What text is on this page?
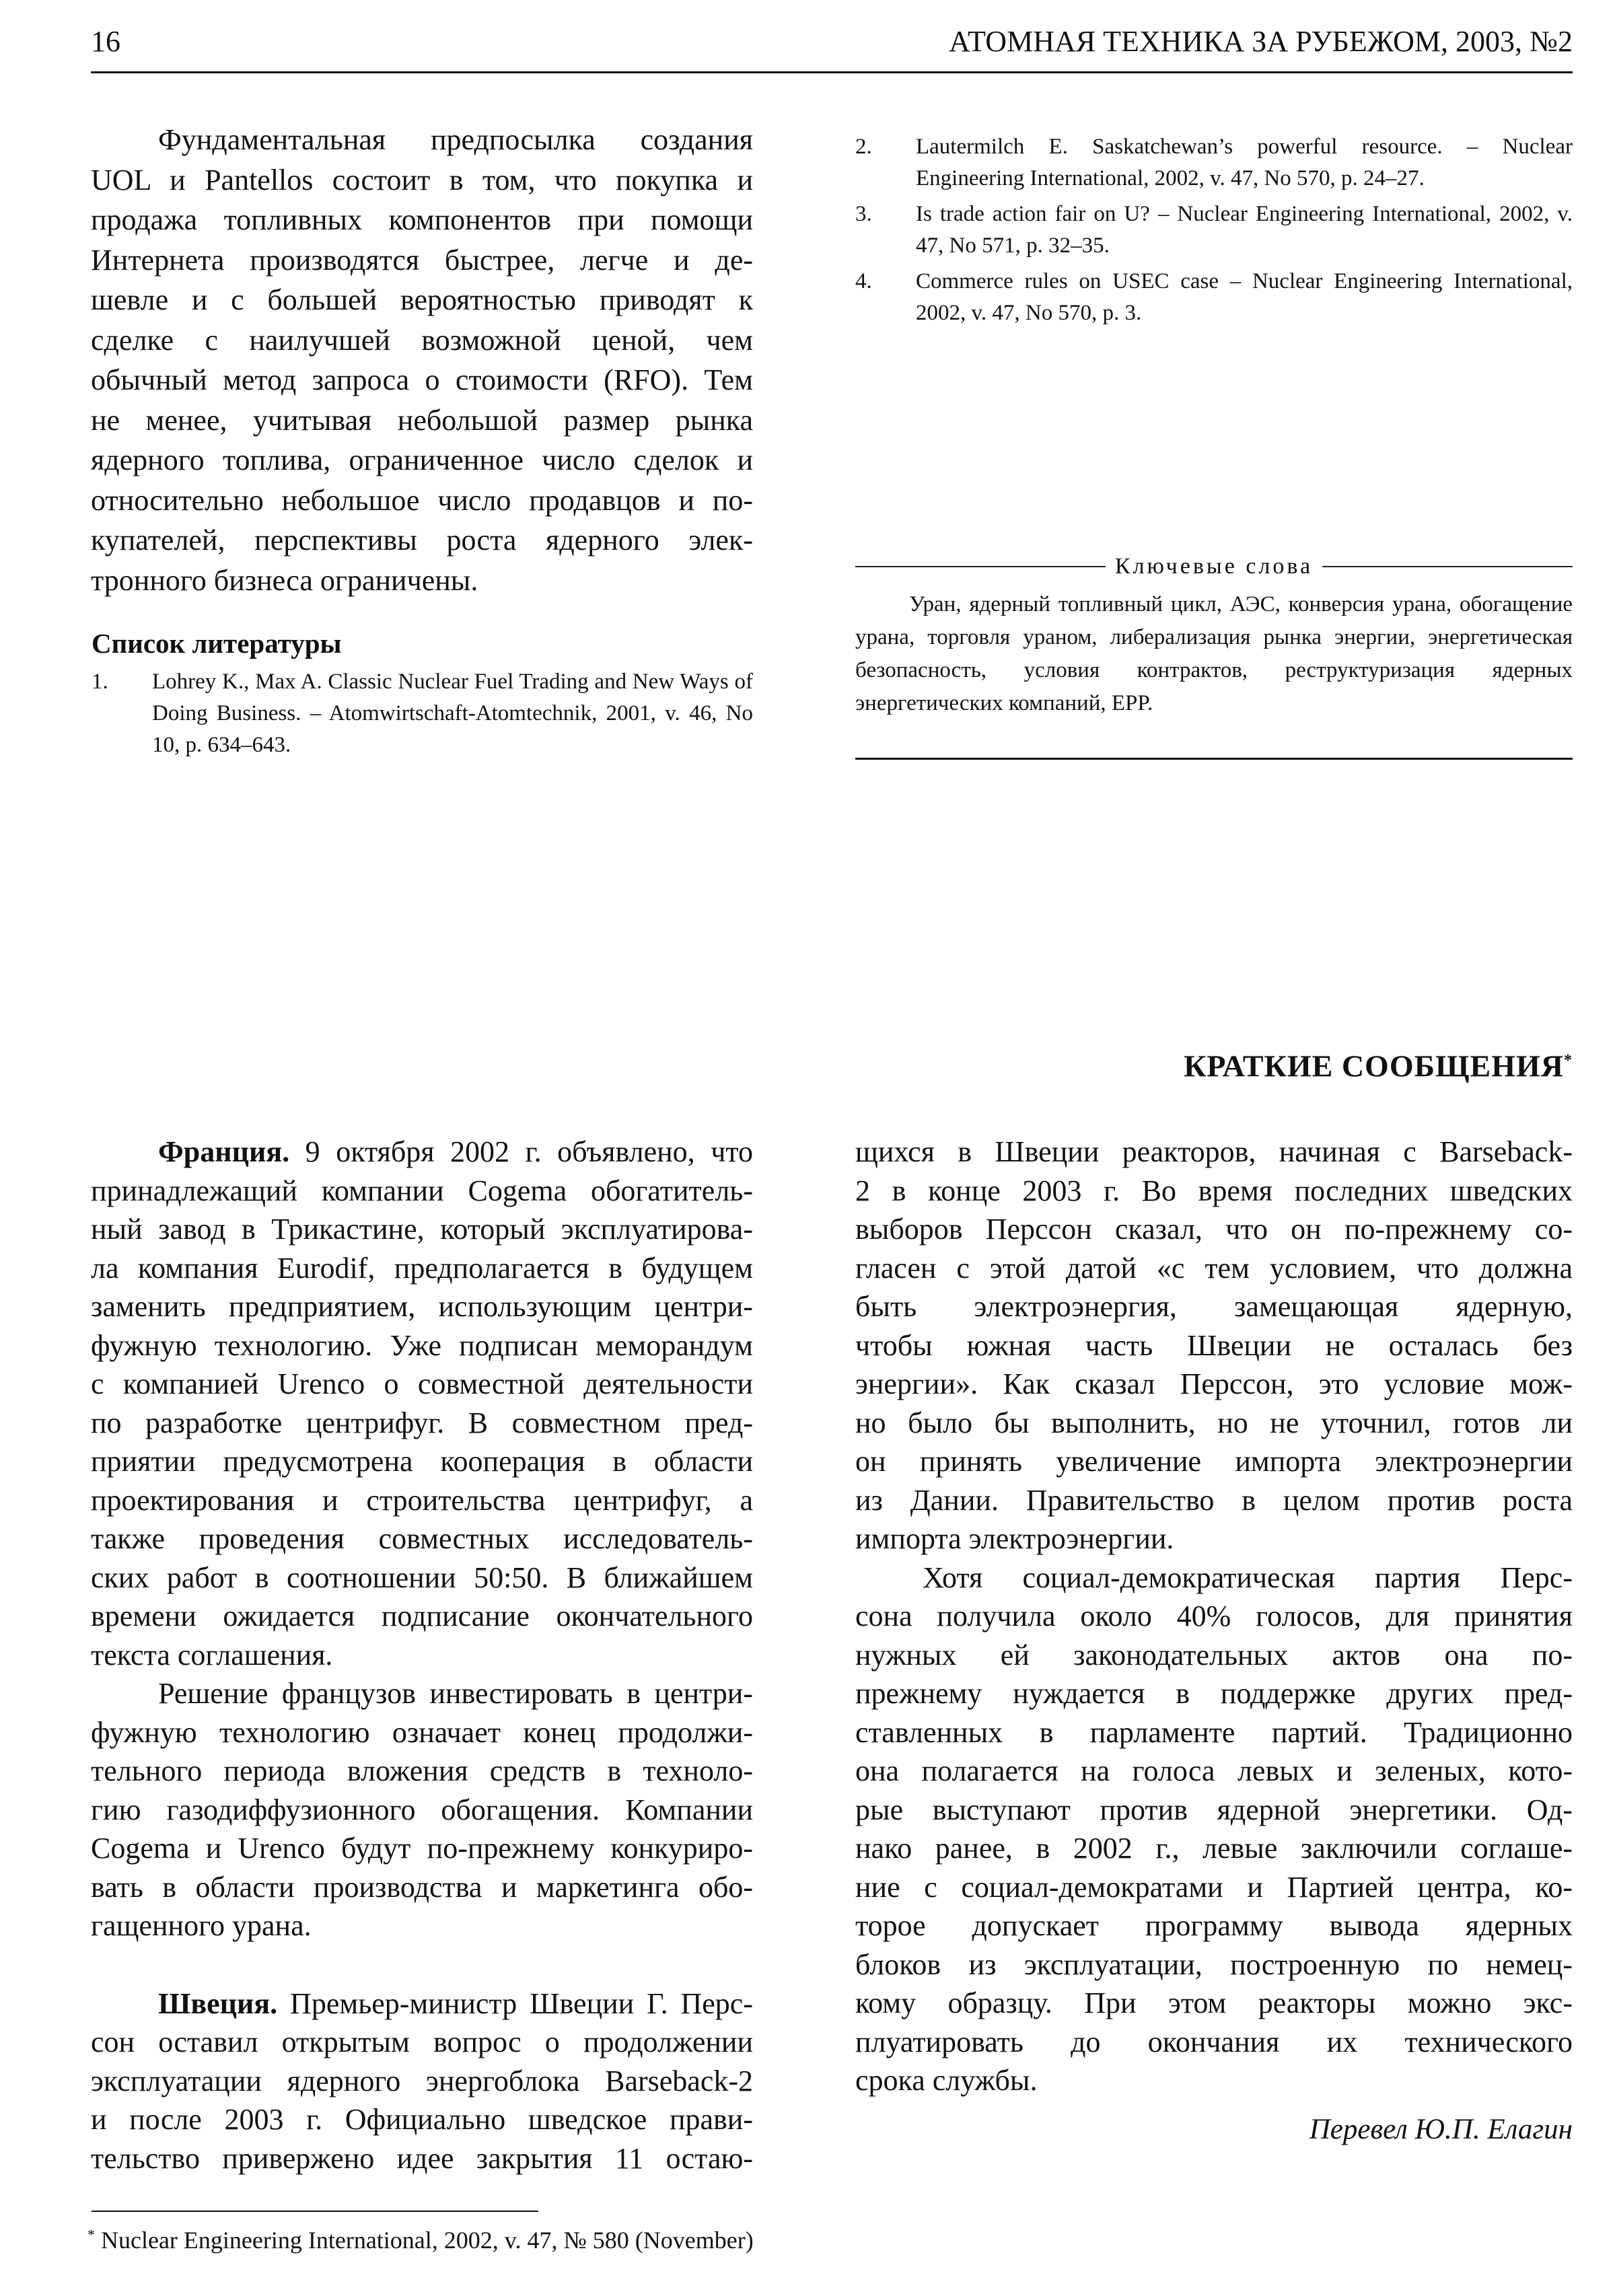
16	АТОМНАЯ ТЕХНИКА ЗА РУБЕЖОМ, 2003, №2
Фундаментальная предпосылка создания
UOL и Pantellos состоит в том, что покупка и
продажа топливных компонентов при помощи
Интернета производятся быстрее, легче и де-
шевле и с большей вероятностью приводят к
сделке с наилучшей возможной ценой, чем
обычный метод запроса о стоимости (RFO). Тем
не менее, учитывая небольшой размер рынка
ядерного топлива, ограниченное число сделок и
относительно небольшое число продавцов и по-
купателей, перспективы роста ядерного элек-
тронного бизнеса ограничены.
Список литературы
1. Lohrey K., Max A. Classic Nuclear Fuel Trading and New Ways of Doing Business. – Atomwirtschaft-Atomtechnik, 2001, v. 46, No 10, p. 634–643.
2. Lautermilch E. Saskatchewan’s powerful resource. – Nuclear Engineering International, 2002, v. 47, No 570, p. 24–27.
3. Is trade action fair on U? – Nuclear Engineering International, 2002, v. 47, No 571, p. 32–35.
4. Commerce rules on USEC case – Nuclear Engineering International, 2002, v. 47, No 570, p. 3.
Ключевые слова
Уран, ядерный топливный цикл, АЭС, конверсия урана, обогащение урана, торговля ураном, либерализация рынка энергии, энергетическая безопасность, условия контрактов, реструктуризация ядерных энергетических компаний, EPP.
КРАТКИЕ СООБЩЕНИЯ*
Франция. 9 октября 2002 г. объявлено, что
принадлежащий компании Cogema обогатитель-
ный завод в Трикастине, который эксплуатирова-
ла компания Eurodif, предполагается в будущем
заменить предприятием, использующим центри-
фужную технологию. Уже подписан меморандум
с компанией Urenco о совместной деятельности
по разработке центрифуг. В совместном пред-
приятии предусмотрена кооперация в области
проектирования и строительства центрифуг, а
также проведения совместных исследователь-
ских работ в соотношении 50:50. В ближайшем
времени ожидается подписание окончательного
текста соглашения.
Решение французов инвестировать в центри-
фужную технологию означает конец продолжи-
тельного периода вложения средств в техноло-
гию газодиффузионного обогащения. Компании
Cogema и Urenco будут по-прежнему конкуриро-
вать в области производства и маркетинга обо-
гащенного урана.
Швеция. Премьер-министр Швеции Г. Перс-
сон оставил открытым вопрос о продолжении
эксплуатации ядерного энергоблока Barseback-2
и после 2003 г. Официально шведское прави-
тельство привержено идее закрытия 11 остаю-
щихся в Швеции реакторов, начиная с Barseback-
2 в конце 2003 г. Во время последних шведских
выборов Перссон сказал, что он по-прежнему со-
гласен с этой датой «с тем условием, что должна
быть электроэнергия, замещающая ядерную,
чтобы южная часть Швеции не осталась без
энергии». Как сказал Перссон, это условие мож-
но было бы выполнить, но не уточнил, готов ли
он принять увеличение импорта электроэнергии
из Дании. Правительство в целом против роста
импорта электроэнергии.
Хотя социал-демократическая партия Перс-
сона получила около 40% голосов, для принятия
нужных ей законодательных актов она по-
прежнему нуждается в поддержке других пред-
ставленных в парламенте партий. Традиционно
она полагается на голоса левых и зеленых, кото-
рые выступают против ядерной энергетики. Од-
нако ранее, в 2002 г., левые заключили соглаше-
ние с социал-демократами и Партией центра, ко-
торое допускает программу вывода ядерных
блоков из эксплуатации, построенную по немец-
кому образцу. При этом реакторы можно экс-
плуатировать до окончания их технического
срока службы.
Перевел Ю.П. Елагин
* Nuclear Engineering International, 2002, v. 47, № 580 (November)
